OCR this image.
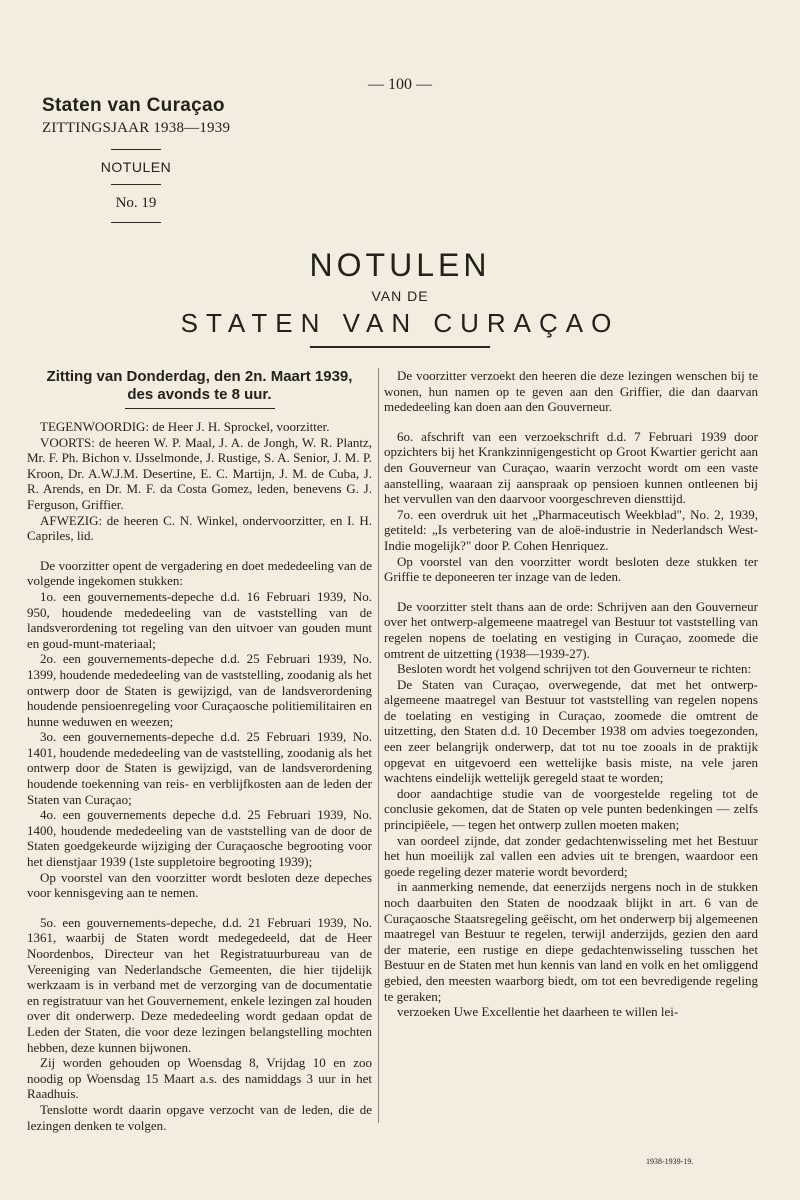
— 100 —
Staten van Curaçao
ZITTINGSJAAR 1938—1939
NOTULEN
No. 19
NOTULEN
VAN DE
STATEN VAN CURAÇAO
Zitting van Donderdag, den 2n. Maart 1939,
des avonds te 8 uur.

TEGENWOORDIG: de Heer J. H. Sprockel, voorzitter.

VOORTS: de heeren W. P. Maal, J. A. de Jongh, W. R. Plantz, Mr. F. Ph. Bichon v. IJsselmonde, J. Rustige, S. A. Senior, J. M. P. Kroon, Dr. A.W.J.M. Desertine, E. C. Martijn, J. M. de Cuba, J. R. Arends, en Dr. M. F. da Costa Gomez, leden, benevens G. J. Ferguson, Griffier.

AFWEZIG: de heeren C. N. Winkel, ondervoorzitter, en I. H. Capriles, lid.

De voorzitter opent de vergadering en doet mededeeling van de volgende ingekomen stukken:

1o. een gouvernements-depeche d.d. 16 Februari 1939, No. 950, houdende mededeeling van de vaststelling van de landsverordening tot regeling van den uitvoer van gouden munt en goud-munt-materiaal;

2o. een gouvernements-depeche d.d. 25 Februari 1939, No. 1399, houdende mededeeling van de vaststelling, zoodanig als het ontwerp door de Staten is gewijzigd, van de landsverordening houdende pensioenregeling voor Curaçaosche politiemilitairen en hunne weduwen en weezen;

3o. een gouvernements-depeche d.d. 25 Februari 1939, No. 1401, houdende mededeeling van de vaststelling, zoodanig als het ontwerp door de Staten is gewijzigd, van de landsverordening houdende toekenning van reis- en verblijfkosten aan de leden der Staten van Curaçao;

4o. een gouvernements depeche d.d. 25 Februari 1939, No. 1400, houdende mededeeling van de vaststelling van de door de Staten goedgekeurde wijziging der Curaçaosche begrooting voor het dienstjaar 1939 (1ste suppletoire begrooting 1939);

Op voorstel van den voorzitter wordt besloten deze depeches voor kennisgeving aan te nemen.

5o. een gouvernements-depeche, d.d. 21 Februari 1939, No. 1361, waarbij de Staten wordt medegedeeld, dat de Heer Noordenbos, Directeur van het Registratuurbureau van de Vereeniging van Nederlandsche Gemeenten, die hier tijdelijk werkzaam is in verband met de verzorging van de documentatie en registratuur van het Gouvernement, enkele lezingen zal houden over dit onderwerp. Deze mededeeling wordt gedaan opdat de Leden der Staten, die voor deze lezingen belangstelling mochten hebben, deze kunnen bijwonen.

Zij worden gehouden op Woensdag 8, Vrijdag 10 en zoo noodig op Woensdag 15 Maart a.s. des namiddags 3 uur in het Raadhuis.

Tenslotte wordt daarin opgave verzocht van de leden, die de lezingen denken te volgen.

De voorzitter verzoekt den heeren die deze lezingen wenschen bij te wonen, hun namen op te geven aan den Griffier, die dan daarvan mededeeling kan doen aan den Gouverneur.

6o. afschrift van een verzoekschrift d.d. 7 Februari 1939 door opzichters bij het Krankzinnigengesticht op Groot Kwartier gericht aan den Gouverneur van Curaçao, waarin verzocht wordt om een vaste aanstelling, waaraan zij aanspraak op pensioen kunnen ontleenen bij het vervullen van den daarvoor voorgeschreven diensttijd.

7o. een overdruk uit het „Pharmaceutisch Weekblad", No. 2, 1939, getiteld: „Is verbetering van de aloë-industrie in Nederlandsch West-Indie mogelijk?" door P. Cohen Henriquez.

Op voorstel van den voorzitter wordt besloten deze stukken ter Griffie te deponeeren ter inzage van de leden.

De voorzitter stelt thans aan de orde: Schrijven aan den Gouverneur over het ontwerp-algemeene maatregel van Bestuur tot vaststelling van regelen nopens de toelating en vestiging in Curaçao, zoomede die omtrent de uitzetting (1938—1939-27).

Besloten wordt het volgend schrijven tot den Gouverneur te richten:

De Staten van Curaçao, overwegende, dat met het ontwerp-algemeene maatregel van Bestuur tot vaststelling van regelen nopens de toelating en vestiging in Curaçao, zoomede die omtrent de uitzetting, den Staten d.d. 10 December 1938 om advies toegezonden, een zeer belangrijk onderwerp, dat tot nu toe zooals in de praktijk opgevat en uitgevoerd een wettelijke basis miste, na vele jaren wachtens eindelijk wettelijk geregeld staat te worden;

door aandachtige studie van de voorgestelde regeling tot de conclusie gekomen, dat de Staten op vele punten bedenkingen — zelfs principiëele, — tegen het ontwerp zullen moeten maken;

van oordeel zijnde, dat zonder gedachtenwisseling met het Bestuur het hun moeilijk zal vallen een advies uit te brengen, waardoor een goede regeling dezer materie wordt bevorderd;

in aanmerking nemende, dat eenerzijds nergens noch in de stukken noch daarbuiten den Staten de noodzaak blijkt in art. 6 van de Curaçaosche Staatsregeling geëischt, om het onderwerp bij algemeenen maatregel van Bestuur te regelen, terwijl anderzijds, gezien den aard der materie, een rustige en diepe gedachtenwisseling tusschen het Bestuur en de Staten met hun kennis van land en volk en het omliggend gebied, den meesten waarborg biedt, om tot een bevredigende regeling te geraken;

verzoeken Uwe Excellentie het daarheen te willen lei-

1938-1939-19.
